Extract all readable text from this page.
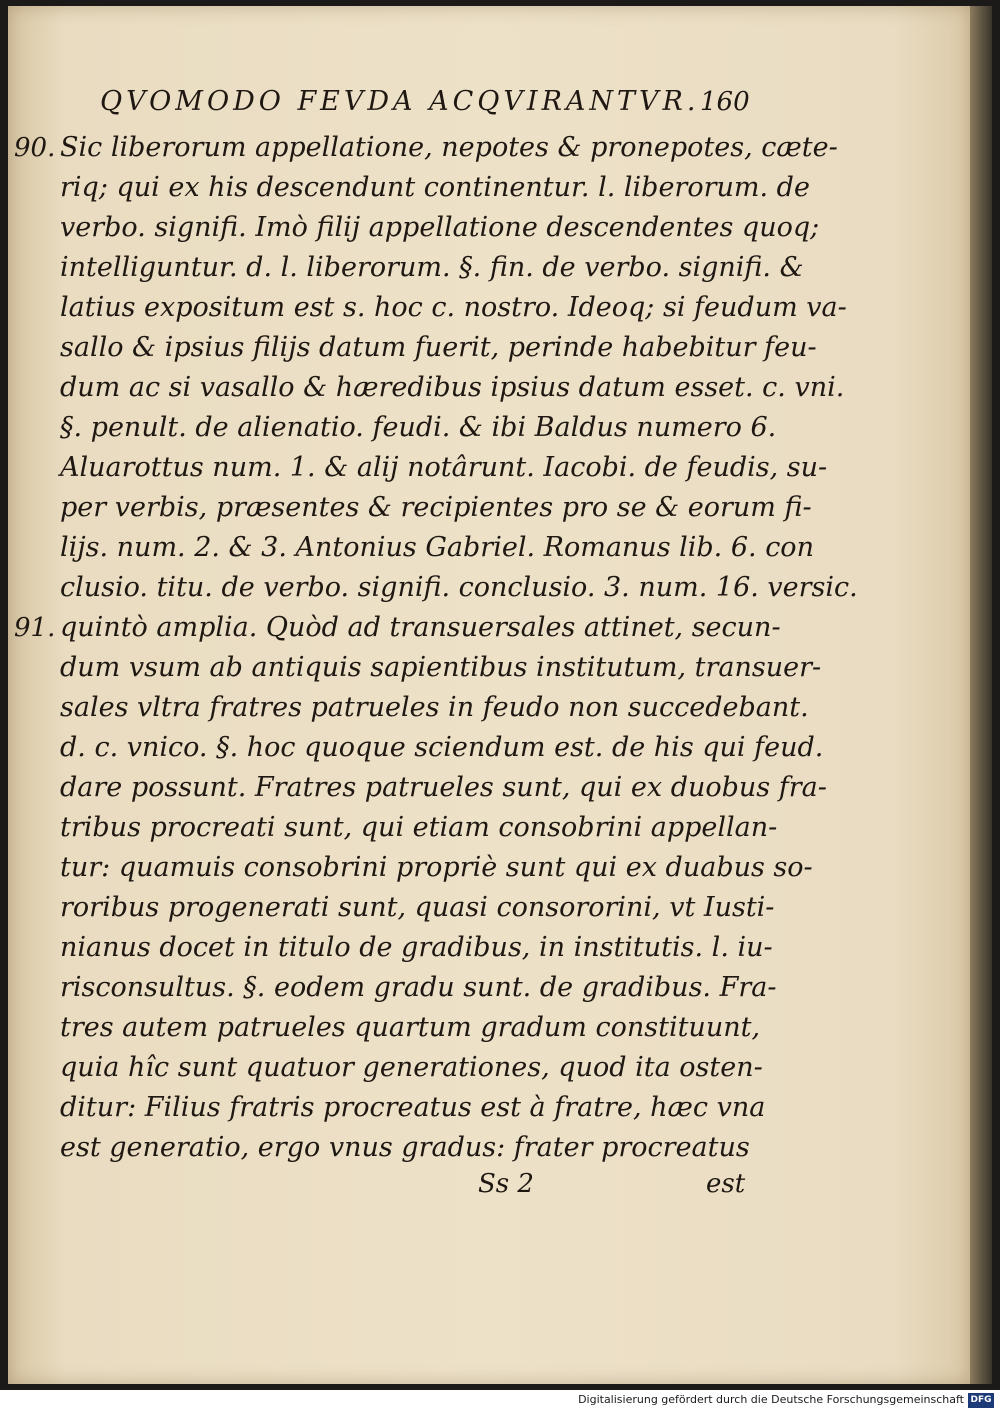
QVOMODO FEVDA ACQVIRANTVR. 160
90.
91.
Sic liberorum appellatione, nepotes & pronepotes, cæte-
riq; qui ex his descendunt continentur. l. liberorum. de
verbo. signifi. Imò filij appellatione descendentes quoq;
intelliguntur. d. l. liberorum. §. fin. de verbo. signifi. &
latius expositum est s. hoc c. nostro. Ideoq; si feudum va-
sallo & ipsius filijs datum fuerit, perinde habebitur feu-
dum ac si vasallo & hæredibus ipsius datum esset. c. vni.
§. penult. de alienatio. feudi. & ibi Baldus numero 6.
Aluarottus num. 1. & alij notârunt. Iacobi. de feudis, su-
per verbis, præsentes & recipientes pro se & eorum fi-
lijs. num. 2. & 3. Antonius Gabriel. Romanus lib. 6. con
clusio. titu. de verbo. signifi. conclusio. 3. num. 16. versic.
quintò amplia. Quòd ad transuersales attinet, secun-
dum vsum ab antiquis sapientibus institutum, transuer-
sales vltra fratres patrueles in feudo non succedebant.
d. c. vnico. §. hoc quoque sciendum est. de his qui feud.
dare possunt. Fratres patrueles sunt, qui ex duobus fra-
tribus procreati sunt, qui etiam consobrini appellan-
tur: quamuis consobrini propriè sunt qui ex duabus so-
roribus progenerati sunt, quasi consororini, vt Iusti-
nianus docet in titulo de gradibus, in institutis. l. iu-
risconsultus. §. eodem gradu sunt. de gradibus. Fra-
tres autem patrueles quartum gradum constituunt,
quia hîc sunt quatuor generationes, quod ita osten-
ditur: Filius fratris procreatus est à fratre, hæc vna
est generatio, ergo vnus gradus: frater procreatus
Ss 2	est
Digitalisierung gefördert durch die Deutsche Forschungsgemeinschaft DFG
